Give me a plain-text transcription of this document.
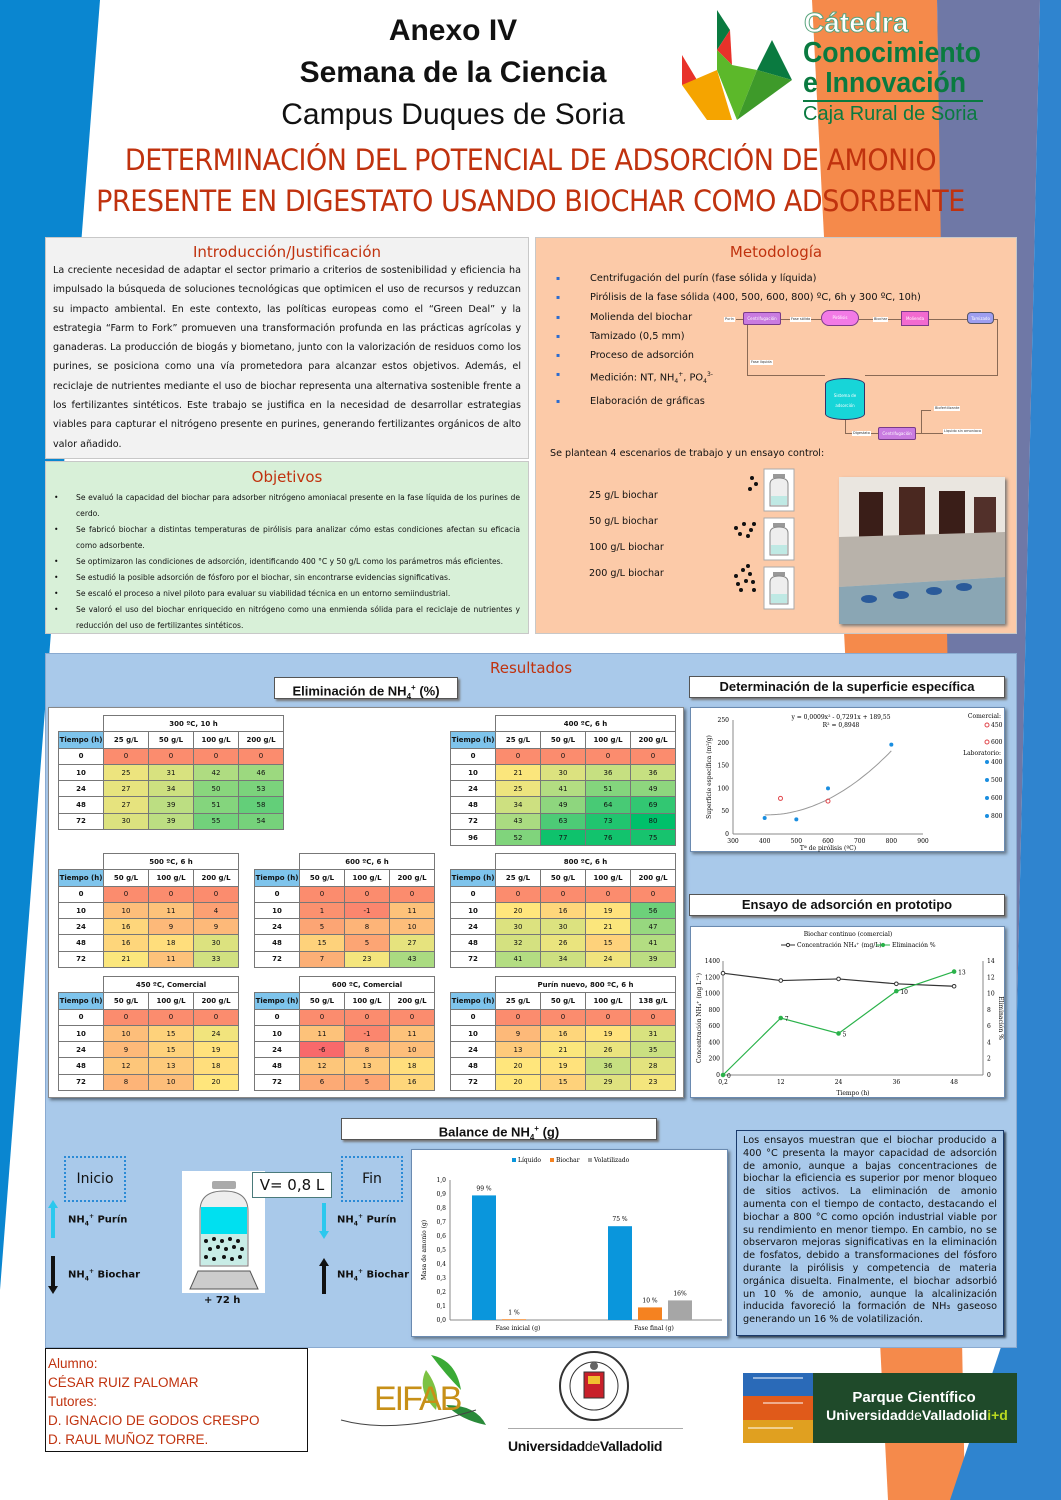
Anexo IV
Semana de la Ciencia
Campus Duques de Soria
Cátedra
Conocimiento
e Innovación
Caja Rural de Soria
DETERMINACIÓN DEL POTENCIAL DE ADSORCIÓN DE AMONIO
PRESENTE EN DIGESTATO USANDO BIOCHAR COMO ADSORBENTE
Introducción/Justificación

La creciente necesidad de adaptar el sector primario a criterios de sostenibilidad y eficiencia ha impulsado la búsqueda de soluciones tecnológicas que optimicen el uso de recursos y reduzcan su impacto ambiental. En este contexto, las políticas europeas como el “Green Deal” y la estrategia “Farm to Fork” promueven una transformación profunda en las prácticas agrícolas y ganaderas. La producción de biogás y biometano, junto con la valorización de residuos como los purines, se posiciona como una vía prometedora para alcanzar estos objetivos. Además, el reciclaje de nutrientes mediante el uso de biochar representa una alternativa sostenible frente a los fertilizantes sintéticos. Este trabajo se justifica en la necesidad de desarrollar estrategias viables para capturar el nitrógeno presente en purines, generando fertilizantes orgánicos de alto valor añadido.

Objetivos
• Se evaluó la capacidad del biochar para adsorber nitrógeno amoniacal presente en la fase líquida de los purines de cerdo.
• Se fabricó biochar a distintas temperaturas de pirólisis para analizar cómo estas condiciones afectan su eficacia como adsorbente.
• Se optimizaron las condiciones de adsorción, identificando 400 °C y 50 g/L como los parámetros más eficientes.
• Se estudió la posible adsorción de fósforo por el biochar, sin encontrarse evidencias significativas.
• Se escaló el proceso a nivel piloto para evaluar su viabilidad técnica en un entorno semiindustrial.
• Se valoró el uso del biochar enriquecido en nitrógeno como una enmienda sólida para el reciclaje de nutrientes y reducción del uso de fertilizantes sintéticos.
Metodología
▪ Centrifugación del purín (fase sólida y líquida)
▪ Pirólisis de la fase sólida (400, 500, 600, 800) ºC, 6h y 300 ºC, 10h)
▪ Molienda del biochar
▪ Tamizado (0,5 mm)
▪ Proceso de adsorción
▪ Medición: NT, $NH_4^+$, $PO_4^{3-}$
▪ Elaboración de gráficas
Purín	Centrifugación	Fase sólida	Pirólisis	Biochar	Molienda	Tamizado
Fase líquida
Sistema de adsorción
Digestato	Centrifugación
Biofertilizante
Líquido sin amoniaco
Se plantean 4 escenarios de trabajo y un ensayo control:
25 g/L biochar
50 g/L biochar
100 g/L biochar
200 g/L biochar
Resultados
Eliminación de $NH_4^+$ (%)
	300 ºC, 10 h			
Tiempo (h)	25 g/L	50 g/L	100 g/L	200 g/L
0	0	0	0	0
10	25	31	42	46
24	27	34	50	53
48	27	39	51	58
72	30	39	55	54
	400 ºC, 6 h			
Tiempo (h)	25 g/L	50 g/L	100 g/L	200 g/L
0	0	0	0	0
10	21	30	36	36
24	25	41	51	49
48	34	49	64	69
72	43	63	73	80
96	52	77	76	75
	500 ºC, 6 h		
Tiempo (h)	50 g/L	100 g/L	200 g/L
0	0	0	0
10	10	11	4
24	16	9	9
48	16	18	30
72	21	11	33
	600 ºC, 6 h		
Tiempo (h)	50 g/L	100 g/L	200 g/L
0	0	0	0
10	1	-1	11
24	5	8	10
48	15	5	27
72	7	23	43
	800 ºC, 6 h			
Tiempo (h)	25 g/L	50 g/L	100 g/L	200 g/L
0	0	0	0	0
10	20	16	19	56
24	30	30	21	47
48	32	26	15	41
72	41	34	24	39
	450 ºC, Comercial		
Tiempo (h)	50 g/L	100 g/L	200 g/L
0	0	0	0
10	10	15	24
24	9	15	19
48	12	13	18
72	8	10	20
	600 ºC, Comercial		
Tiempo (h)	50 g/L	100 g/L	200 g/L
0	0	0	0
10	11	-1	11
24	-6	8	10
48	12	13	18
72	6	5	16
	Purín nuevo, 800 ºC, 6 h			
Tiempo (h)	25 g/L	50 g/L	100 g/L	138 g/L
0	0	0	0	0
10	9	16	19	31
24	13	21	26	35
48	20	19	36	28
72	20	15	29	23
Determinación de la superficie específica
300	400	500	600	700	800	900
0
50
100
150
200
250
Tª de pirólisis (ºC)
Superficie específica (m²/g)
y = 0,0009x² - 0,7291x + 189,55
R² = 0,8948
Comercial:
450
600
Laboratorio:
400
500
600
800
Ensayo de adsorción en prototipo
Biochar continuo (comercial)
0
200
400
600
800
1000
1200
1400
0
2
4
6
8
10
12
14
0,2	12	24	36	48
Tiempo (h)
Concentración NH₄⁺ (mg L⁻¹)	Eliminación %
Concentración NH₄⁺ (mg/L) Eliminación %
0
7
5
10
13
Balance de $NH_4^+$ (g)
Inicio	Fin
$NH_4^+$ Purín
$NH_4^+$ Biochar
$NH_4^+$ Purín
$NH_4^+$ Biochar
V= 0,8 L
+ 72 h
0,0
0,1
0,2
0,3
0,4
0,5
0,6
0,7
0,8
0,9
1,0
Masa de amonio (g)
Líquido	Biochar Volatilizado
Fase inicial (g)
99 %
1 %
Fase final (g)
75 %
10 %
16%
Los ensayos muestran que el biochar producido a 400 °C presenta la mayor capacidad de adsorción de amonio, aunque a bajas concentraciones de biochar la eficiencia es superior por menor bloqueo de sitios activos. La eliminación de amonio aumenta con el tiempo de contacto, destacando el biochar a 800 °C como opción industrial viable por su rendimiento en menor tiempo. En cambio, no se observaron mejoras significativas en la eliminación de fosfatos, debido a transformaciones del fósforo durante la pirólisis y competencia de materia orgánica disuelta. Finalmente, el biochar adsorbió un 10 % de amonio, aunque la alcalinización inducida favoreció la formación de NH₃ gaseoso generando un 16 % de volatilización.
Alumno:
CÉSAR RUIZ PALOMAR
Tutores:
D. IGNACIO DE GODOS CRESPO
D. RAUL MUÑOZ TORRE.
EIFAB
UniversidaddeValladolid
Parque Científico
UniversidaddeValladolidi+d
